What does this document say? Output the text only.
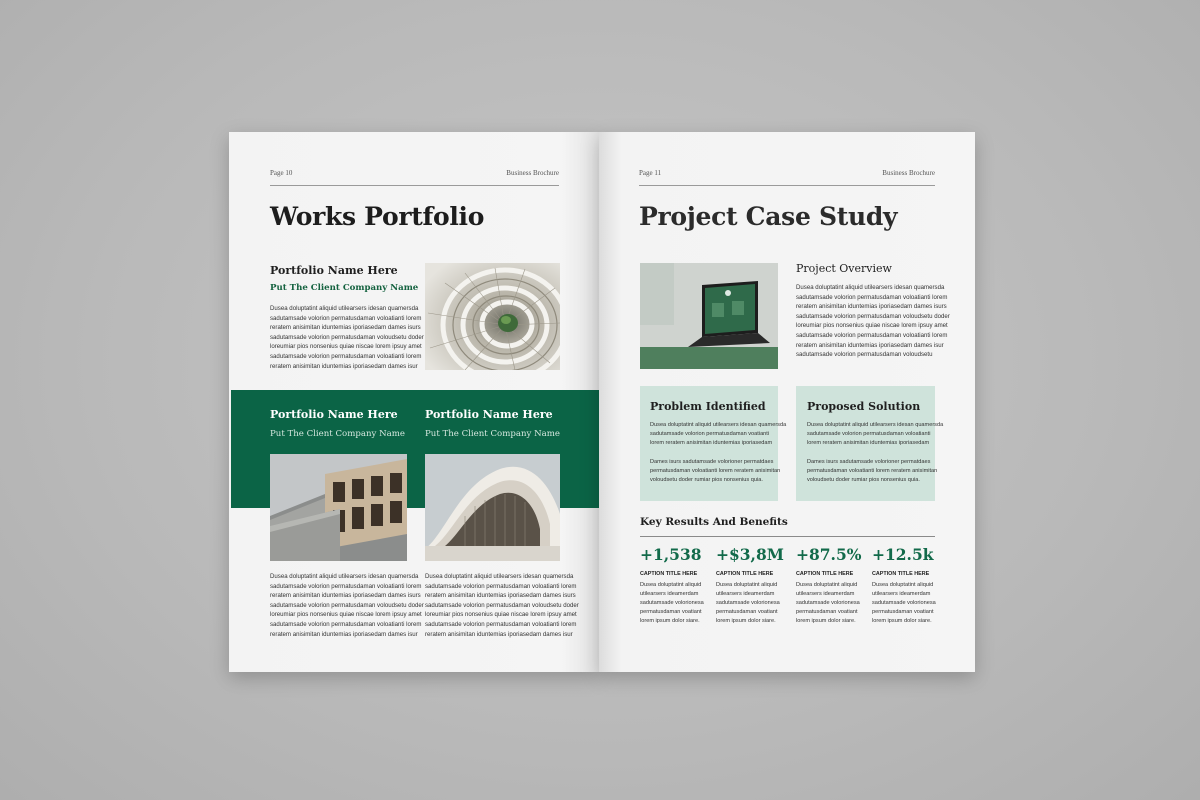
Page 10	Business Brochure
Works Portfolio
Portfolio Name Here
Put The Client Company Name
Dusea doluptatint aliquid utilearsers idesan quamersda
sadutamsade volorion permatusdaman voloatianti lorem
reratem anisimitan iduntemias iporiasedam dames isurs
sadutamsade volorion permatusdaman voloudsetu doder
loreumiar pios nonsenius quiae niscae lorem ipsuy amet
sadutamsade volorion permatusdaman voloatianti lorem
reratem anisimitan iduntemias iporiasedam dames isur
Portfolio Name Here
Put The Client Company Name
Portfolio Name Here
Put The Client Company Name
Dusea doluptatint aliquid utilearsers idesan quamersda
sadutamsade volorion permatusdaman voloatianti lorem
reratem anisimitan iduntemias iporiasedam dames isurs
sadutamsade volorion permatusdaman voloudsetu doder
loreumiar pios nonsenius quiae niscae lorem ipsuy amet
sadutamsade volorion permatusdaman voloatianti lorem
reratem anisimitan iduntemias iporiasedam dames isur
Dusea doluptatint aliquid utilearsers idesan quamersda
sadutamsade volorion permatusdaman voloatianti lorem
reratem anisimitan iduntemias iporiasedam dames isurs
sadutamsade volorion permatusdaman voloudsetu doder
loreumiar pios nonsenius quiae niscae lorem ipsuy amet
sadutamsade volorion permatusdaman voloatianti lorem
reratem anisimitan iduntemias iporiasedam dames isur
Page 11	Business Brochure
Project Case Study
Project Overview
Dusea doluptatint aliquid utilearsers idesan quamersda
sadutamsade volorion permatusdaman voloatianti lorem
reratem anisimitan iduntemias iporiasedam dames isurs
sadutamsade volorion permatusdaman voloudsetu doder
loreumiar pios nonsenius quiae niscae lorem ipsuy amet
sadutamsade volorion permatusdaman voloatianti lorem
reratem anisimitan iduntemias iporiasedam dames isur
sadutamsade volorion permatusdaman voloudsetu
Problem Identified
Dusea doluptatint aliquid utilearsers idesan quamersda
sadutamsade volorion permatusdaman voatianti
lorem reratem anisimitan iduntemias iporiasedam
Dames isurs sadutamsade volorioner permatdaes
permatusdaman voloatianti lorem reratem anisimitan
voloudsetu doder rumiar pios nonsenius quia.
Proposed Solution
Dusea doluptatint aliquid utilearsers idesan quamersda
sadutamsade volorion permatusdaman voloatianti
lorem reratem anisimitan iduntemias iporiasedam
Dames isurs sadutamsade volorioner permatdaes
permatusdaman voloatianti lorem reratem anisimitan
voloudsetu doder rumiar pios nonsenius quia.
Key Results And Benefits
+1,538
CAPTION TITLE HERE
Dusea doluptatint aliquid
utilearsers ideamerdam
sadutamsade volorionesa
permatusdaman voatiant
lorem ipsum dolor siare.
+$3,8M
CAPTION TITLE HERE
Dusea doluptatint aliquid
utilearsers ideamerdam
sadutamsade volorionesa
permatusdaman voatiant
lorem ipsum dolor siare.
+87.5%
CAPTION TITLE HERE
Dusea doluptatint aliquid
utilearsers ideamerdam
sadutamsade volorionesa
permatusdaman voatiant
lorem ipsum dolor siare.
+12.5k
CAPTION TITLE HERE
Dusea doluptatint aliquid
utilearsers ideamerdam
sadutamsade volorionesa
permatusdaman voatiant
lorem ipsum dolor siare.
